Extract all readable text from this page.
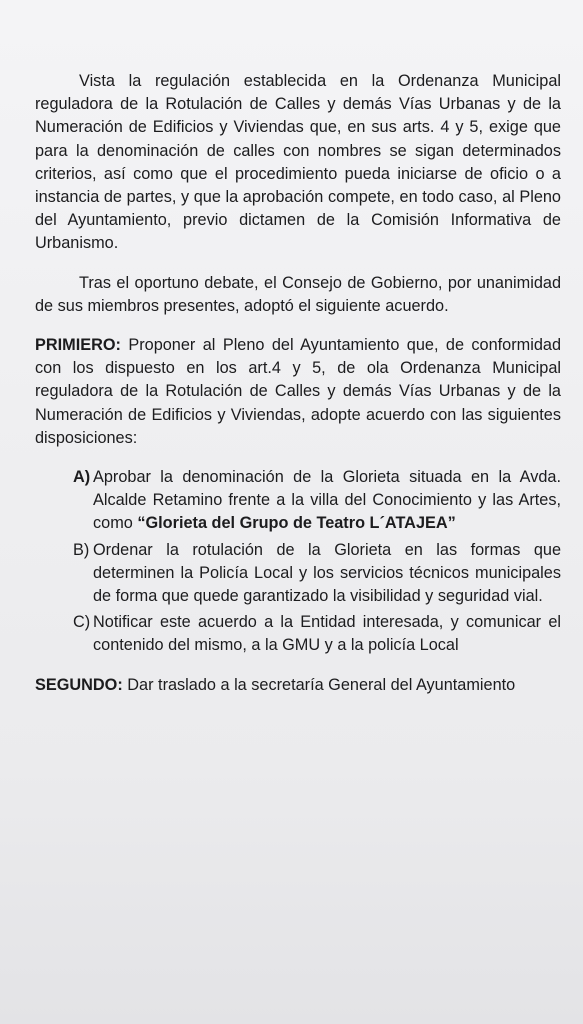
Vista la regulación establecida en la Ordenanza Municipal reguladora de la Rotulación de Calles y demás Vías Urbanas y de la Numeración de Edificios y Viviendas que, en sus arts. 4 y 5, exige que para la denominación de calles con nombres se sigan determinados criterios, así como que el procedimiento pueda iniciarse de oficio o a instancia de partes, y que la aprobación compete, en todo caso, al Pleno del Ayuntamiento, previo dictamen de la Comisión Informativa de Urbanismo.

Tras el oportuno debate, el Consejo de Gobierno, por unanimidad de sus miembros presentes, adoptó el siguiente acuerdo.

PRIMIERO: Proponer al Pleno del Ayuntamiento que, de conformidad con los dispuesto en los art.4 y 5, de ola Ordenanza Municipal reguladora de la Rotulación de Calles y demás Vías Urbanas y de la Numeración de Edificios y Viviendas, adopte acuerdo con las siguientes disposiciones:

A) Aprobar la denominación de la Glorieta situada en la Avda. Alcalde Retamino frente a la villa del Conocimiento y las Artes, como “Glorieta del Grupo de Teatro L´ATAJEA”
B) Ordenar la rotulación de la Glorieta en las formas que determinen la Policía Local y los servicios técnicos municipales de forma que quede garantizado la visibilidad y seguridad vial.
C) Notificar este acuerdo a la Entidad interesada, y comunicar el contenido del mismo, a la GMU y a la policía Local

SEGUNDO: Dar traslado a la secretaría General del Ayuntamiento
